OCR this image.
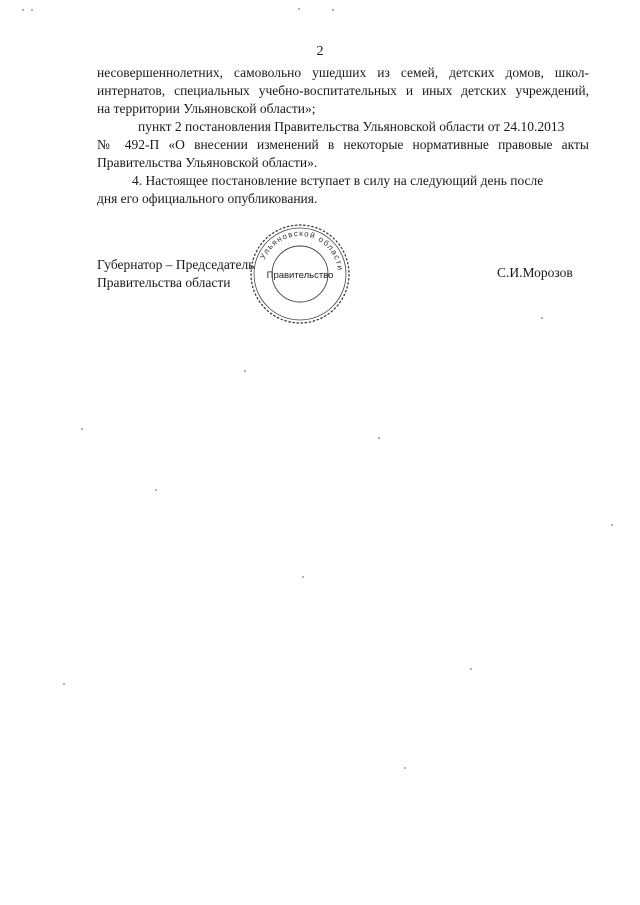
2
несовершеннолетних, самовольно ушедших из семей, детских домов, школ-
интернатов, специальных учебно-воспитательных и иных детских учреждений,
на территории Ульяновской области»;
пункт 2 постановления Правительства Ульяновской области от 24.10.2013
№ 492-П «О внесении изменений в некоторые нормативные правовые акты
Правительства Ульяновской области».
4. Настоящее постановление вступает в силу на следующий день после
дня его официального опубликования.
Губернатор – Председатель
Правительства области
Ульяновской области
Правительство	С.И.Морозов
